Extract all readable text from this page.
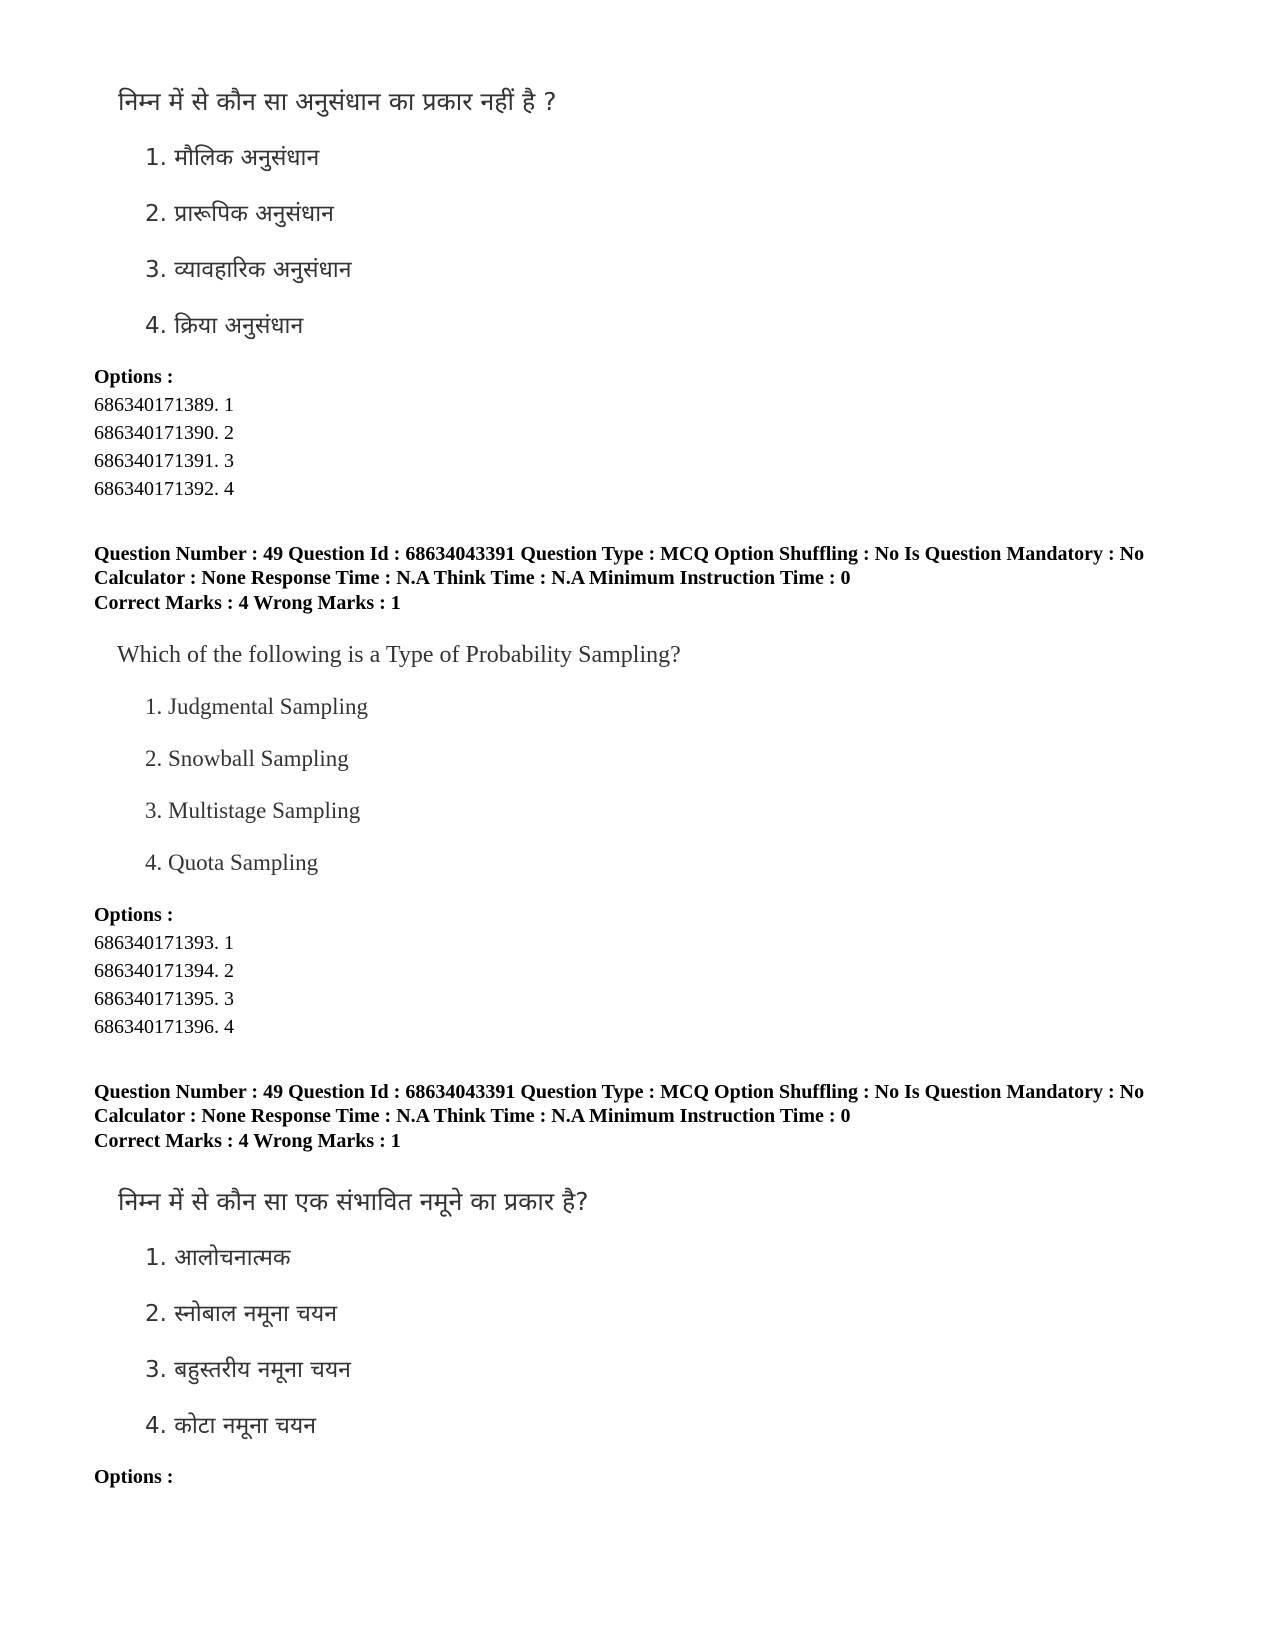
निम्न में से कौन सा अनुसंधान का प्रकार नहीं है ?
1. मौलिक अनुसंधान
2. प्रारूपिक अनुसंधान
3. व्यावहारिक अनुसंधान
4. क्रिया अनुसंधान
Options :
686340171389. 1
686340171390. 2
686340171391. 3
686340171392. 4
Question Number : 49 Question Id : 68634043391 Question Type : MCQ Option Shuffling : No Is Question Mandatory : No Calculator : None Response Time : N.A Think Time : N.A Minimum Instruction Time : 0
Correct Marks : 4 Wrong Marks : 1
Which of the following is a Type of Probability Sampling?
1. Judgmental Sampling
2. Snowball Sampling
3. Multistage Sampling
4. Quota Sampling
Options :
686340171393. 1
686340171394. 2
686340171395. 3
686340171396. 4
Question Number : 49 Question Id : 68634043391 Question Type : MCQ Option Shuffling : No Is Question Mandatory : No Calculator : None Response Time : N.A Think Time : N.A Minimum Instruction Time : 0
Correct Marks : 4 Wrong Marks : 1
निम्न में से कौन सा एक संभावित नमूने का प्रकार है?
1. आलोचनात्मक
2. स्नोबाल नमूना चयन
3. बहुस्तरीय नमूना चयन
4. कोटा नमूना चयन
Options :
